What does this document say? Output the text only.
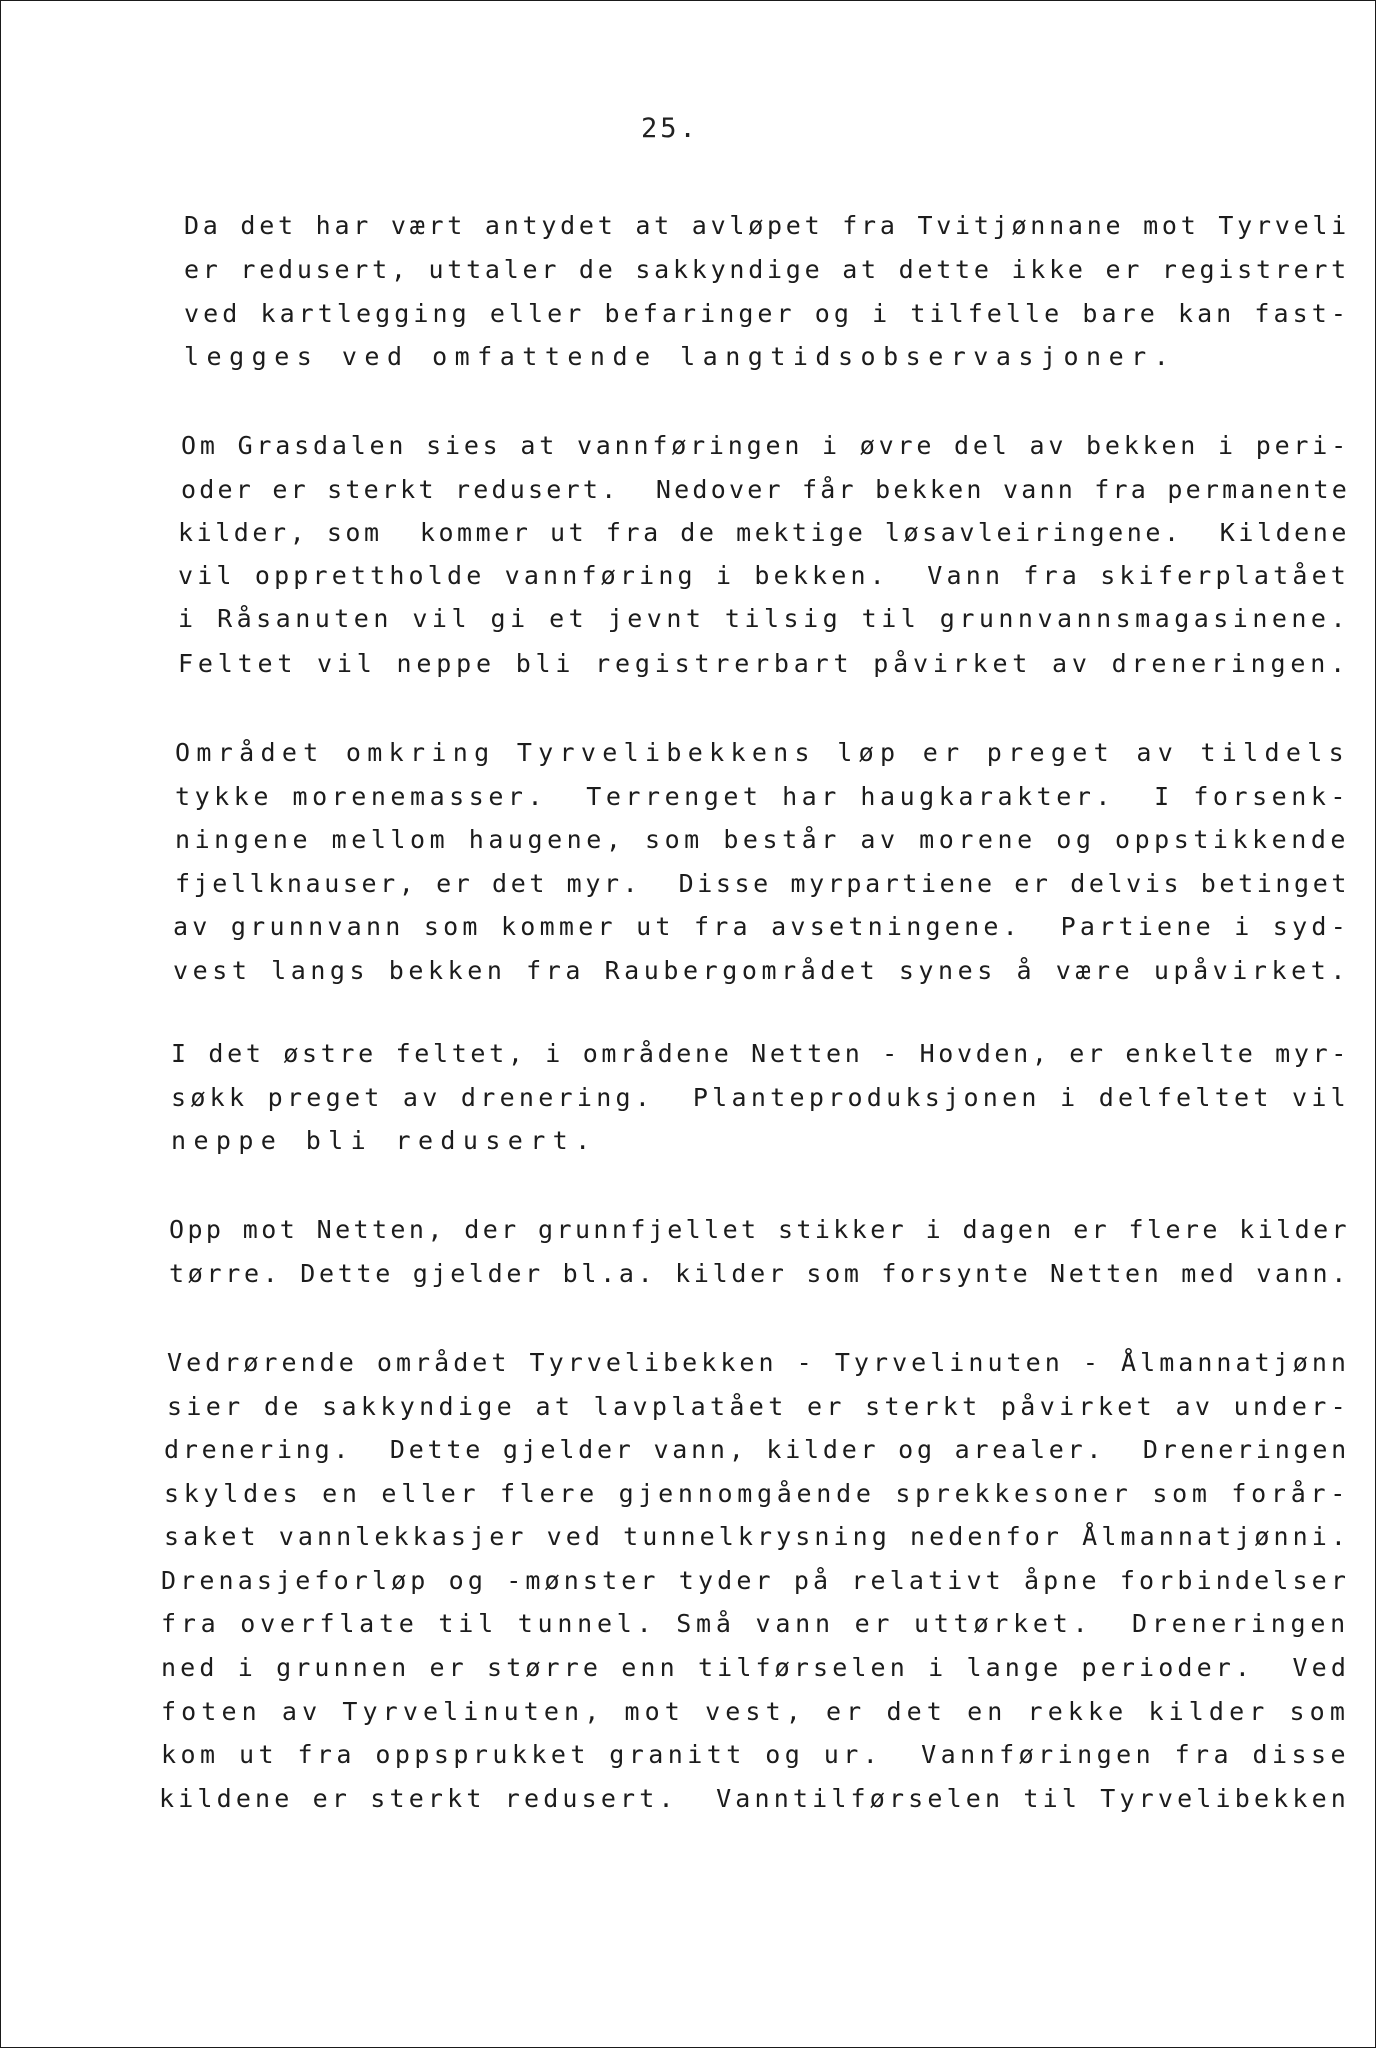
25.
Da det har vært antydet at avløpet fra Tvitjønnane mot Tyrveli
er redusert, uttaler de sakkyndige at dette ikke er registrert
ved kartlegging eller befaringer og i tilfelle bare kan fast-
legges ved omfattende langtidsobservasjoner.
Om Grasdalen sies at vannføringen i øvre del av bekken i peri-
oder er sterkt redusert.  Nedover får bekken vann fra permanente
kilder, som  kommer ut fra de mektige løsavleiringene.  Kildene
vil opprettholde vannføring i bekken.  Vann fra skiferplatået
i Råsanuten vil gi et jevnt tilsig til grunnvannsmagasinene.
Feltet vil neppe bli registrerbart påvirket av dreneringen.
Området omkring Tyrvelibekkens løp er preget av tildels
tykke morenemasser.  Terrenget har haugkarakter.  I forsenk-
ningene mellom haugene, som består av morene og oppstikkende
fjellknauser, er det myr.  Disse myrpartiene er delvis betinget
av grunnvann som kommer ut fra avsetningene.  Partiene i syd-
vest langs bekken fra Raubergområdet synes å være upåvirket.
I det østre feltet, i områdene Netten - Hovden, er enkelte myr-
søkk preget av drenering.  Planteproduksjonen i delfeltet vil
neppe bli redusert.
Opp mot Netten, der grunnfjellet stikker i dagen er flere kilder
tørre. Dette gjelder bl.a. kilder som forsynte Netten med vann.
Vedrørende området Tyrvelibekken - Tyrvelinuten - Ålmannatjønn
sier de sakkyndige at lavplatået er sterkt påvirket av under-
drenering.  Dette gjelder vann, kilder og arealer.  Dreneringen
skyldes en eller flere gjennomgående sprekkesoner som forår-
saket vannlekkasjer ved tunnelkrysning nedenfor Ålmannatjønni.
Drenasjeforløp og -mønster tyder på relativt åpne forbindelser
fra overflate til tunnel. Små vann er uttørket.  Dreneringen
ned i grunnen er større enn tilførselen i lange perioder.  Ved
foten av Tyrvelinuten, mot vest, er det en rekke kilder som
kom ut fra oppsprukket granitt og ur.  Vannføringen fra disse
kildene er sterkt redusert.  Vanntilførselen til Tyrvelibekken
